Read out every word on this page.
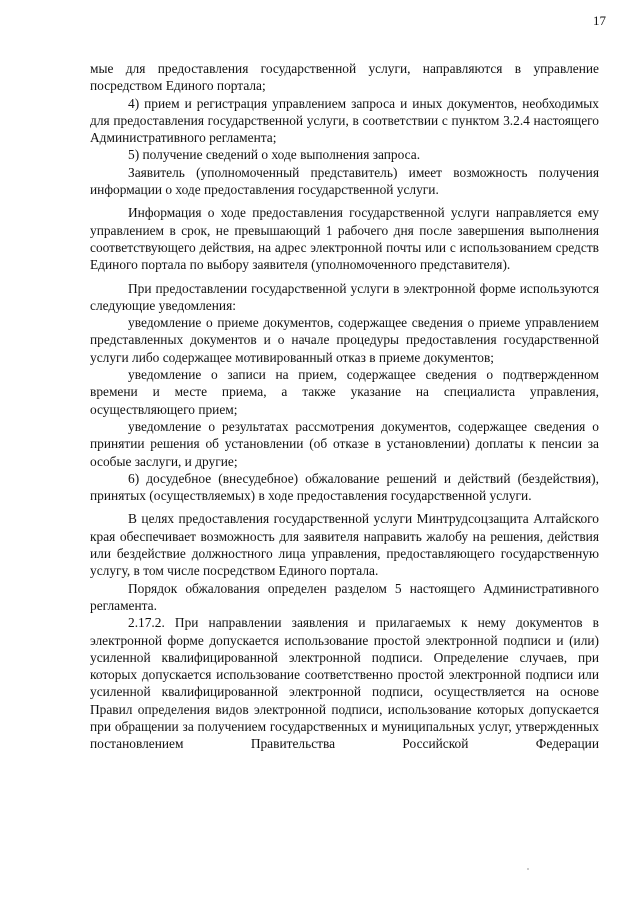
17

мые для предоставления государственной услуги, направляются в управление посредством Единого портала;

4) прием и регистрация управлением запроса и иных документов, необходимых для предоставления государственной услуги, в соответствии с пунктом 3.2.4 настоящего Административного регламента;

5) получение сведений о ходе выполнения запроса.

Заявитель (уполномоченный представитель) имеет возможность получения информации о ходе предоставления государственной услуги.

Информация о ходе предоставления государственной услуги направляется ему управлением в срок, не превышающий 1 рабочего дня после завершения выполнения соответствующего действия, на адрес электронной почты или с использованием средств Единого портала по выбору заявителя (уполномоченного представителя).

При предоставлении государственной услуги в электронной форме используются следующие уведомления:

уведомление о приеме документов, содержащее сведения о приеме управлением представленных документов и о начале процедуры предоставления государственной услуги либо содержащее мотивированный отказ в приеме документов;

уведомление о записи на прием, содержащее сведения о подтвержденном времени и месте приема, а также указание на специалиста управления, осуществляющего прием;

уведомление о результатах рассмотрения документов, содержащее сведения о принятии решения об установлении (об отказе в установлении) доплаты к пенсии за особые заслуги, и другие;

6) досудебное (внесудебное) обжалование решений и действий (бездействия), принятых (осуществляемых) в ходе предоставления государственной услуги.

В целях предоставления государственной услуги Минтрудсоцзащита Алтайского края обеспечивает возможность для заявителя направить жалобу на решения, действия или бездействие должностного лица управления, предоставляющего государственную услугу, в том числе посредством Единого портала.

Порядок обжалования определен разделом 5 настоящего Административного регламента.

2.17.2. При направлении заявления и прилагаемых к нему документов в электронной форме допускается использование простой электронной подписи и (или) усиленной квалифицированной электронной подписи. Определение случаев, при которых допускается использование соответственно простой электронной подписи или усиленной квалифицированной электронной подписи, осуществляется на основе Правил определения видов электронной подписи, использование которых допускается при обращении за получением государственных и муниципальных услуг, утвержденных постановлением Правительства Российской Федерации
